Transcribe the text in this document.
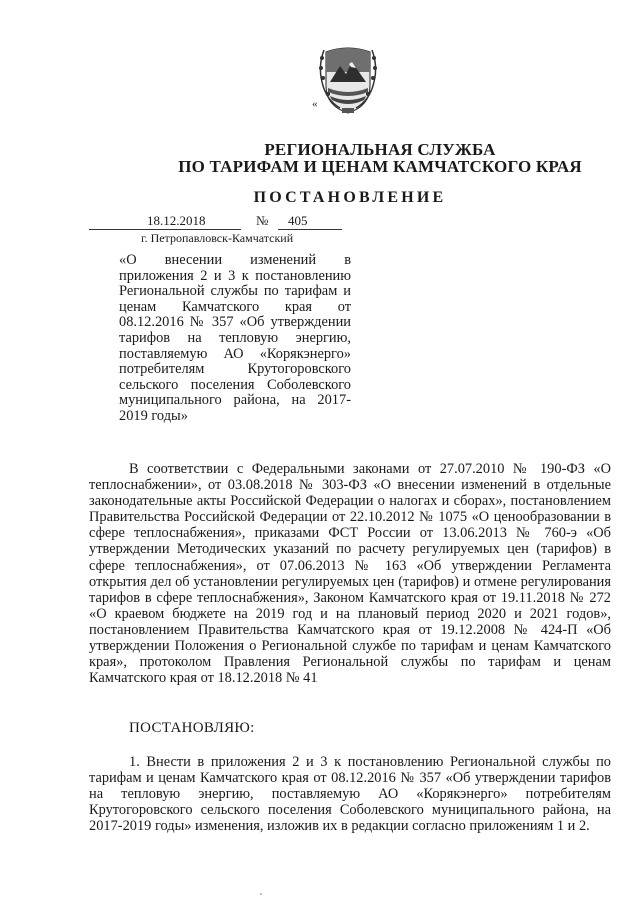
«
РЕГИОНАЛЬНАЯ СЛУЖБА
ПО ТАРИФАМ И ЦЕНАМ КАМЧАТСКОГО КРАЯ
ПОСТАНОВЛЕНИЕ
18.12.2018	№ 405
г. Петропавловск-Камчатский
«О внесении изменений в приложения 2 и 3 к постановлению Региональной службы по тарифам и ценам Камчатского края от 08.12.2016 № 357 «Об утверждении тарифов на тепловую энергию, поставляемую АО «Корякэнерго» потребителям Крутогоровского сельского поселения Соболевского муниципального района, на 2017-2019 годы»
В соответствии с Федеральными законами от 27.07.2010 № 190-ФЗ «О теплоснабжении», от 03.08.2018 № 303-ФЗ «О внесении изменений в отдельные законодательные акты Российской Федерации о налогах и сборах», постановлением Правительства Российской Федерации от 22.10.2012 № 1075 «О ценообразовании в сфере теплоснабжения», приказами ФСТ России от 13.06.2013 № 760-э «Об утверждении Методических указаний по расчету регулируемых цен (тарифов) в сфере теплоснабжения», от 07.06.2013 № 163 «Об утверждении Регламента открытия дел об установлении регулируемых цен (тарифов) и отмене регулирования тарифов в сфере теплоснабжения», Законом Камчатского края от 19.11.2018 № 272 «О краевом бюджете на 2019 год и на плановый период 2020 и 2021 годов», постановлением Правительства Камчатского края от 19.12.2008 № 424-П «Об утверждении Положения о Региональной службе по тарифам и ценам Камчатского края», протоколом Правления Региональной службы по тарифам и ценам Камчатского края от 18.12.2018 № 41
ПОСТАНОВЛЯЮ:
1. Внести в приложения 2 и 3 к постановлению Региональной службы по тарифам и ценам Камчатского края от 08.12.2016 № 357 «Об утверждении тарифов на тепловую энергию, поставляемую АО «Корякэнерго» потребителям Крутогоровского сельского поселения Соболевского муниципального района, на 2017-2019 годы» изменения, изложив их в редакции согласно приложениям 1 и 2.
